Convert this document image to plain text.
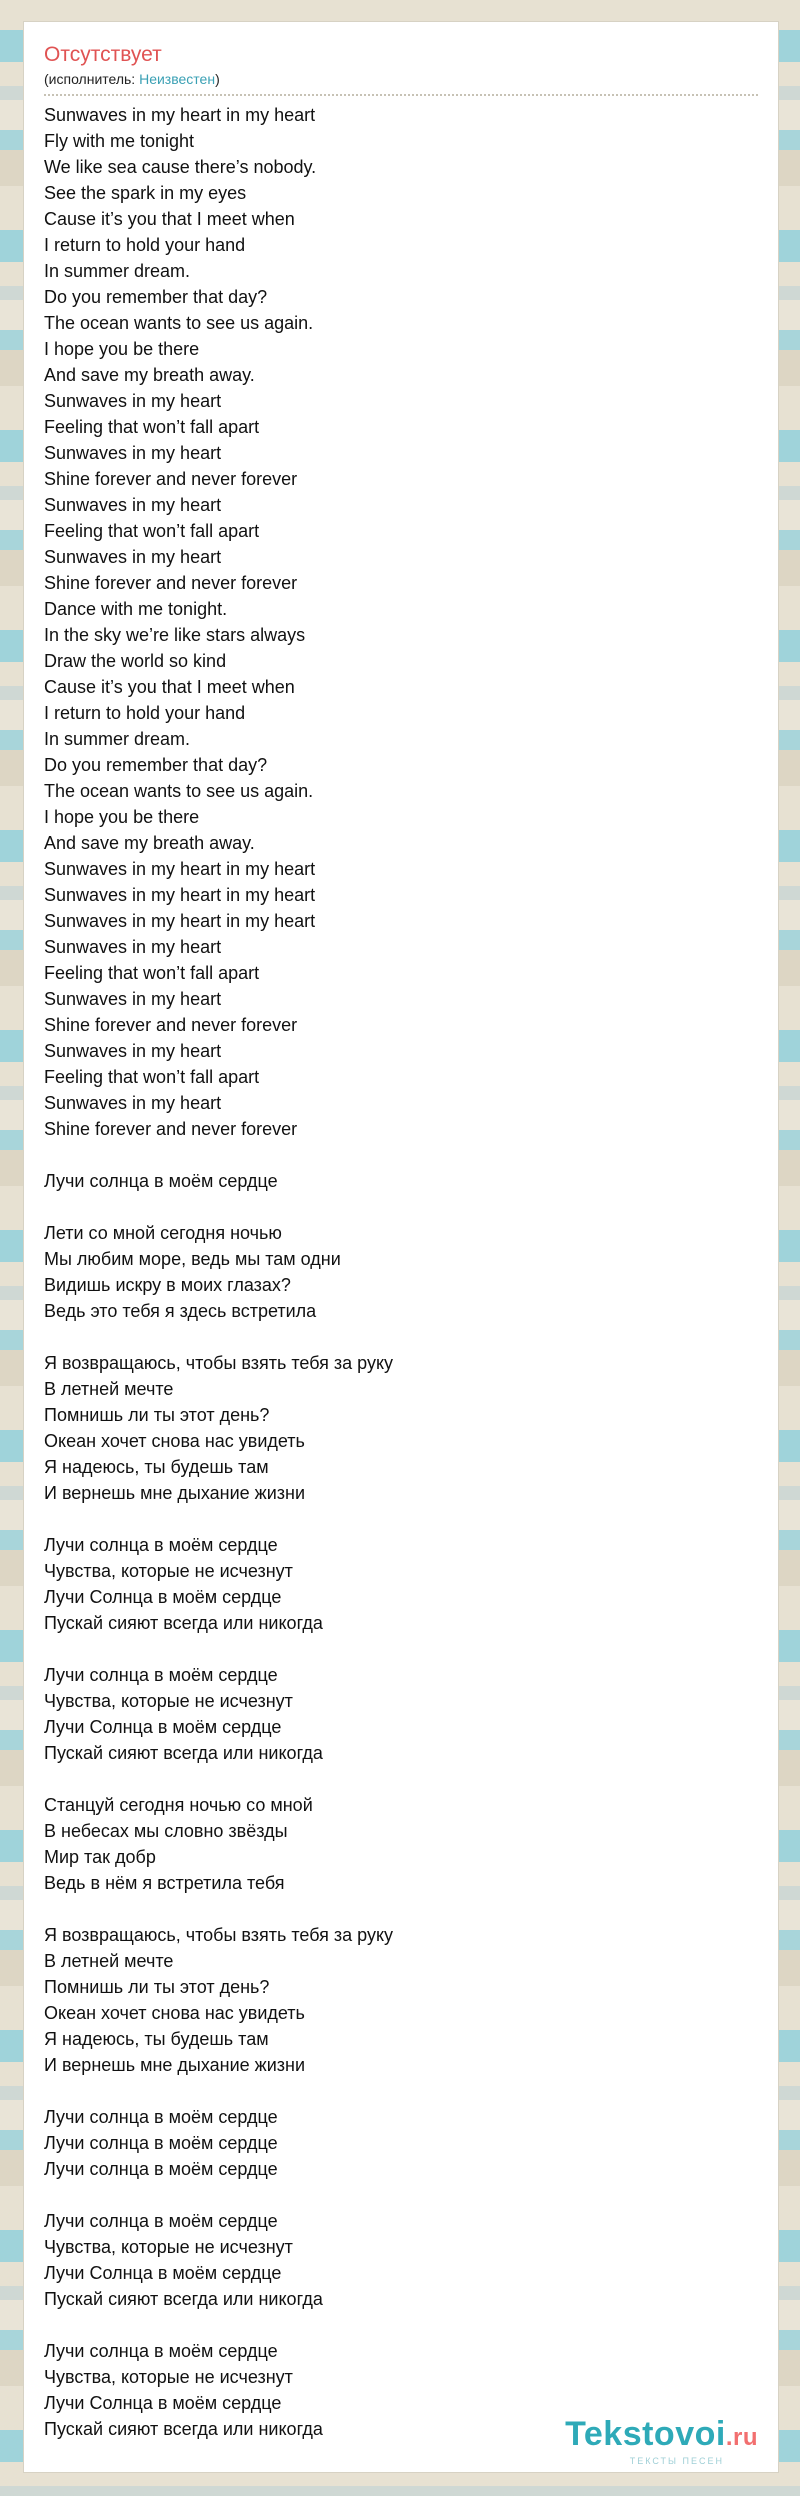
Отсутствует
(исполнитель: Неизвестен)
Sunwaves in my heart in my heart
Fly with me tonight
We like sea cause there’s nobody.
See the spark in my eyes
Cause it’s you that I meet when
I return to hold your hand
In summer dream.
Do you remember that day?
The ocean wants to see us again.
I hope you be there
And save my breath away.
Sunwaves in my heart
Feeling that won’t fall apart
Sunwaves in my heart
Shine forever and never forever
Sunwaves in my heart
Feeling that won’t fall apart
Sunwaves in my heart
Shine forever and never forever
Dance with me tonight.
In the sky we’re like stars always
Draw the world so kind
Cause it’s you that I meet when
I return to hold your hand
In summer dream.
Do you remember that day?
The ocean wants to see us again.
I hope you be there
And save my breath away.
Sunwaves in my heart in my heart
Sunwaves in my heart in my heart
Sunwaves in my heart in my heart
Sunwaves in my heart
Feeling that won’t fall apart
Sunwaves in my heart
Shine forever and never forever
Sunwaves in my heart
Feeling that won’t fall apart
Sunwaves in my heart
Shine forever and never forever
Лучи солнца в моём сердце
Лети со мной сегодня ночью
Мы любим море, ведь мы там одни
Видишь искру в моих глазах?
Ведь это тебя я здесь встретила
Я возвращаюсь, чтобы взять тебя за руку
В летней мечте
Помнишь ли ты этот день?
Океан хочет снова нас увидеть
Я надеюсь, ты будешь там
И вернешь мне дыхание жизни
Лучи солнца в моём сердце
Чувства, которые не исчезнут
Лучи Солнца в моём сердце
Пускай сияют всегда или никогда
Лучи солнца в моём сердце
Чувства, которые не исчезнут
Лучи Солнца в моём сердце
Пускай сияют всегда или никогда
Станцуй сегодня ночью со мной
В небесах мы словно звёзды
Мир так добр
Ведь в нём я встретила тебя
Я возвращаюсь, чтобы взять тебя за руку
В летней мечте
Помнишь ли ты этот день?
Океан хочет снова нас увидеть
Я надеюсь, ты будешь там
И вернешь мне дыхание жизни
Лучи солнца в моём сердце
Лучи солнца в моём сердце
Лучи солнца в моём сердце
Лучи солнца в моём сердце
Чувства, которые не исчезнут
Лучи Солнца в моём сердце
Пускай сияют всегда или никогда
Лучи солнца в моём сердце
Чувства, которые не исчезнут
Лучи Солнца в моём сердце
Пускай сияют всегда или никогда	Tekstovoi.ru
ТЕКСТЫ ПЕСЕН
